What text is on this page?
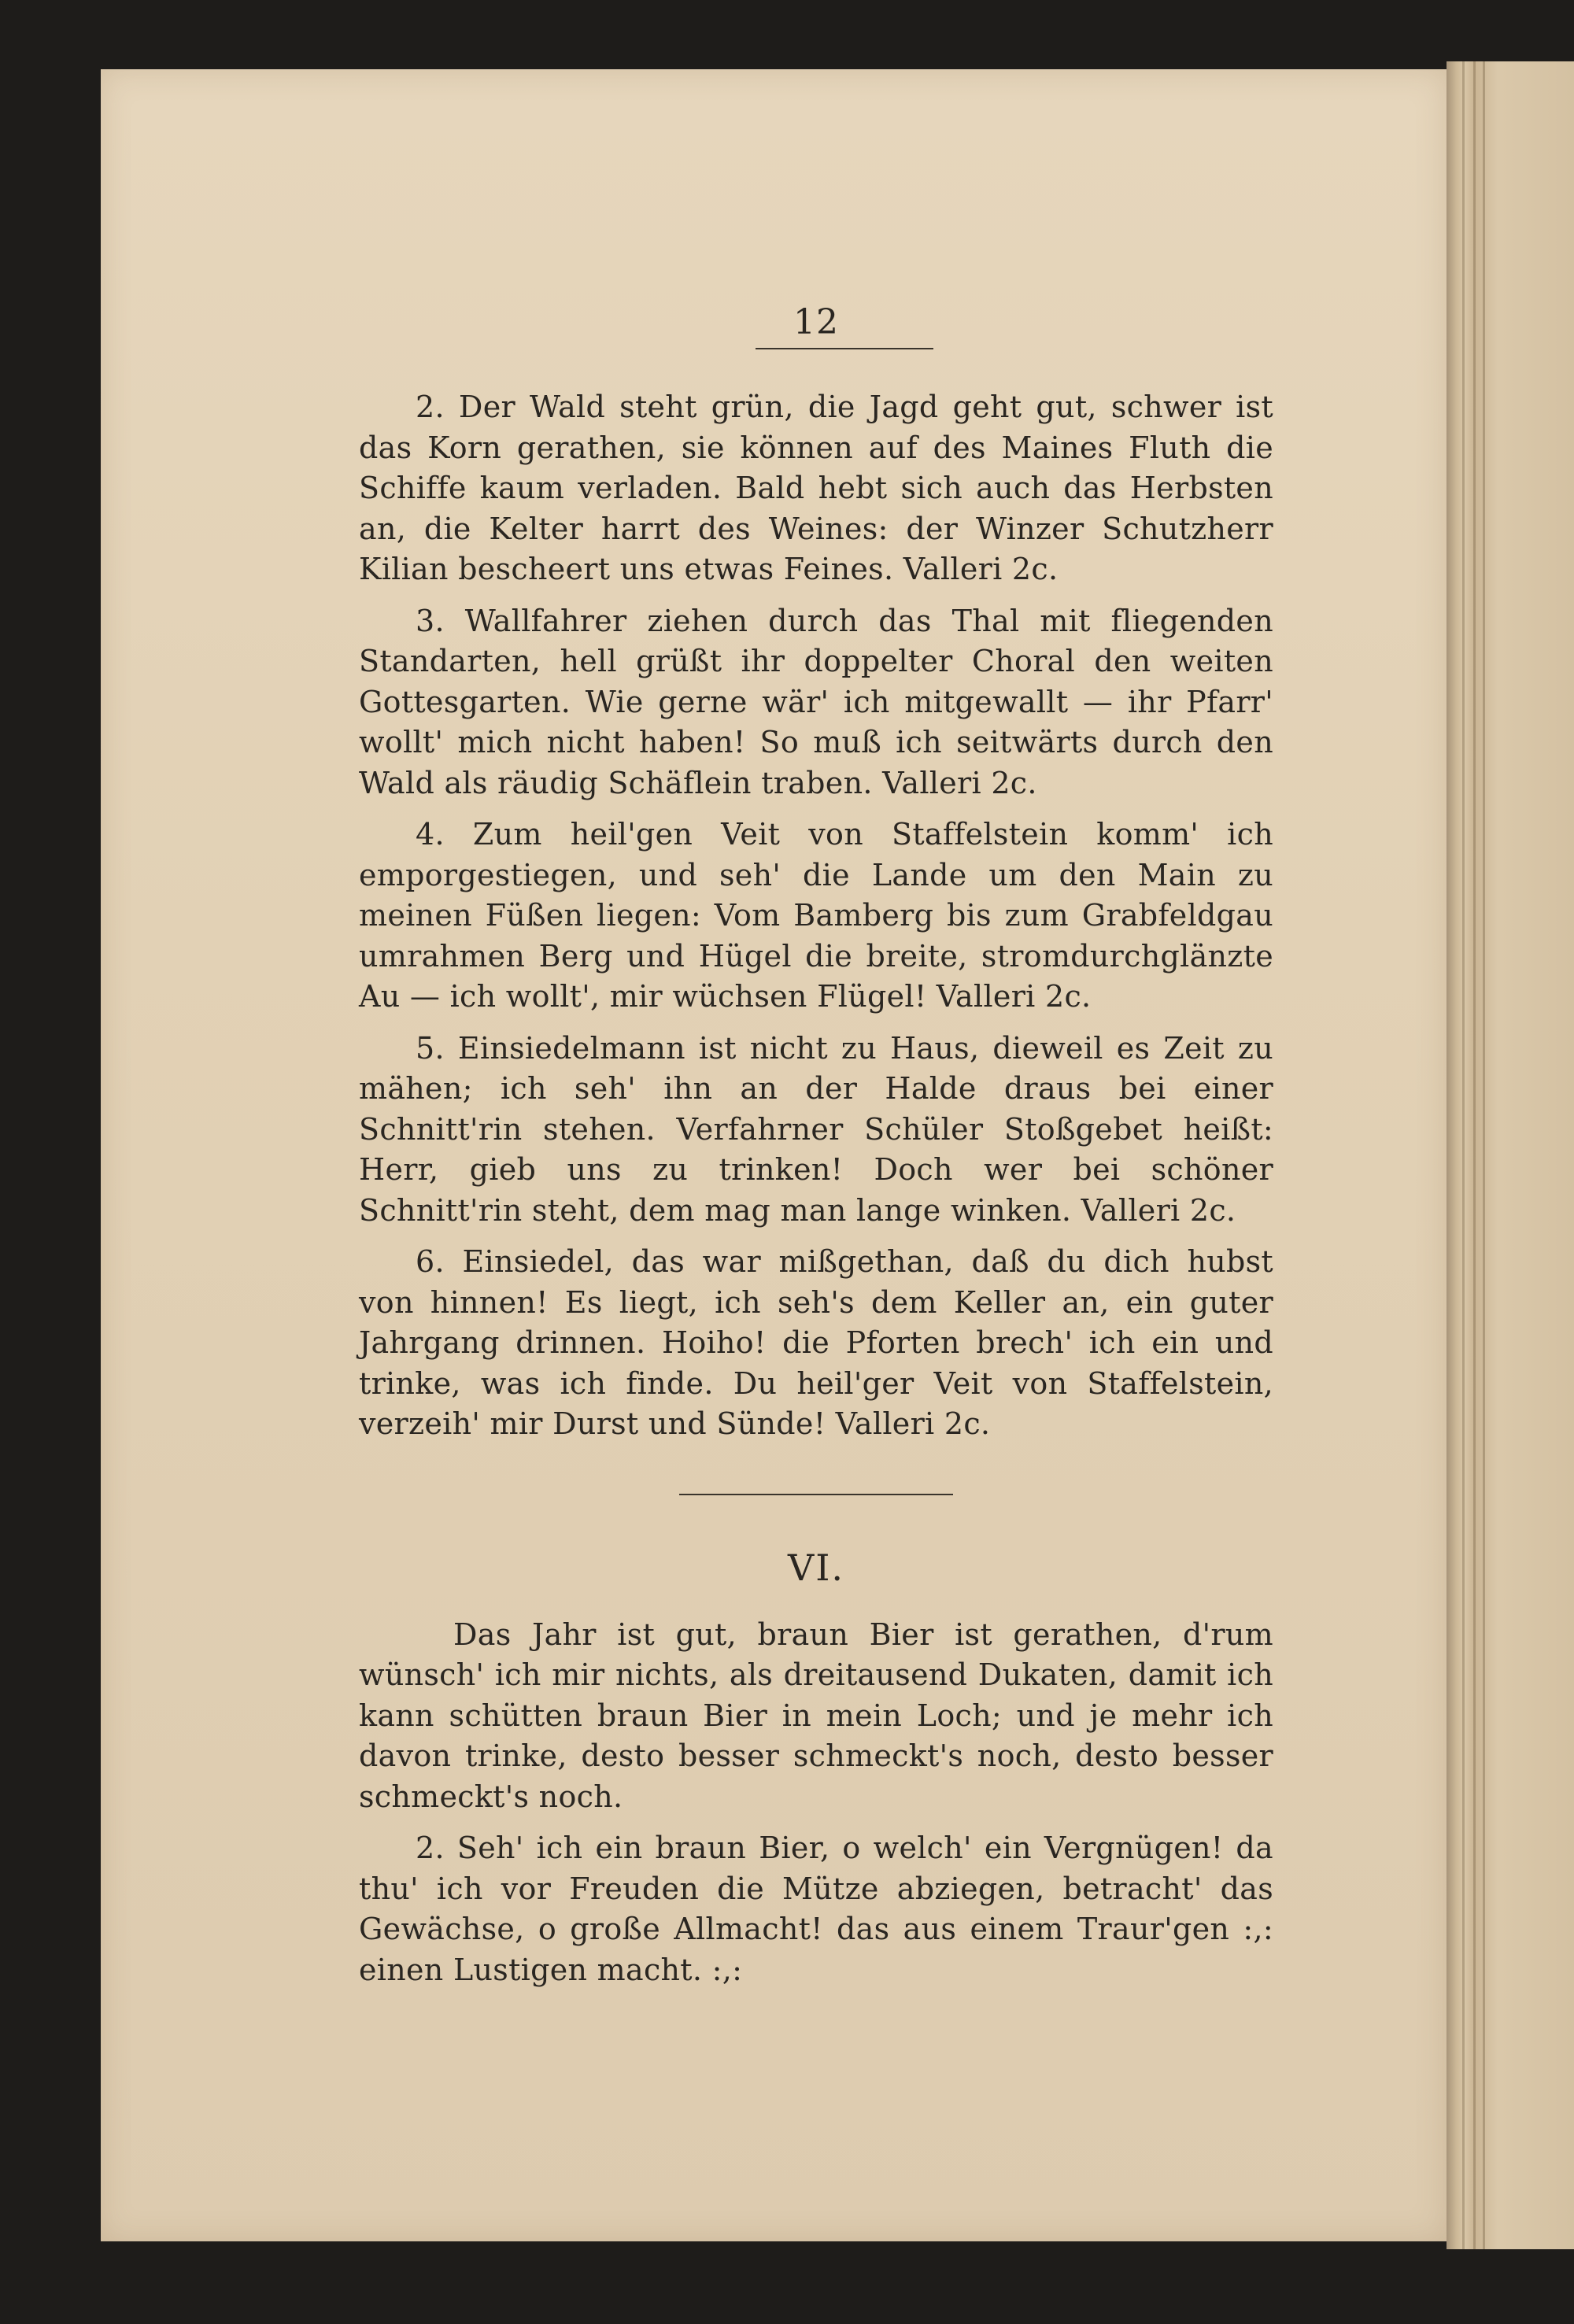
12

2. Der Wald steht grün, die Jagd geht gut, schwer ist das Korn gerathen, sie können auf des Maines Fluth die Schiffe kaum verladen. Bald hebt sich auch das Herbsten an, die Kelter harrt des Weines: der Winzer Schutzherr Kilian bescheert uns etwas Feines. Valleri 2c.

3. Wallfahrer ziehen durch das Thal mit fliegenden Standarten, hell grüßt ihr doppelter Choral den weiten Gottesgarten. Wie gerne wär' ich mitgewallt — ihr Pfarr' wollt' mich nicht haben! So muß ich seitwärts durch den Wald als räudig Schäflein traben. Valleri 2c.

4. Zum heil'gen Veit von Staffelstein komm' ich emporgestiegen, und seh' die Lande um den Main zu meinen Füßen liegen: Vom Bamberg bis zum Grabfeldgau umrahmen Berg und Hügel die breite, stromdurchglänzte Au — ich wollt', mir wüchsen Flügel! Valleri 2c.

5. Einsiedelmann ist nicht zu Haus, dieweil es Zeit zu mähen; ich seh' ihn an der Halde draus bei einer Schnitt'rin stehen. Verfahrner Schüler Stoßgebet heißt: Herr, gieb uns zu trinken! Doch wer bei schöner Schnitt'rin steht, dem mag man lange winken. Valleri 2c.

6. Einsiedel, das war mißgethan, daß du dich hubst von hinnen! Es liegt, ich seh's dem Keller an, ein guter Jahrgang drinnen. Hoiho! die Pforten brech' ich ein und trinke, was ich finde. Du heil'ger Veit von Staffelstein, verzeih' mir Durst und Sünde! Valleri 2c.

VI.

Das Jahr ist gut, braun Bier ist gerathen, d'rum wünsch' ich mir nichts, als dreitausend Dukaten, damit ich kann schütten braun Bier in mein Loch; und je mehr ich davon trinke, desto besser schmeckt's noch, desto besser schmeckt's noch.

2. Seh' ich ein braun Bier, o welch' ein Vergnügen! da thu' ich vor Freuden die Mütze abziegen, betracht' das Gewächse, o große Allmacht! das aus einem Traur'gen :,: einen Lustigen macht. :,:
